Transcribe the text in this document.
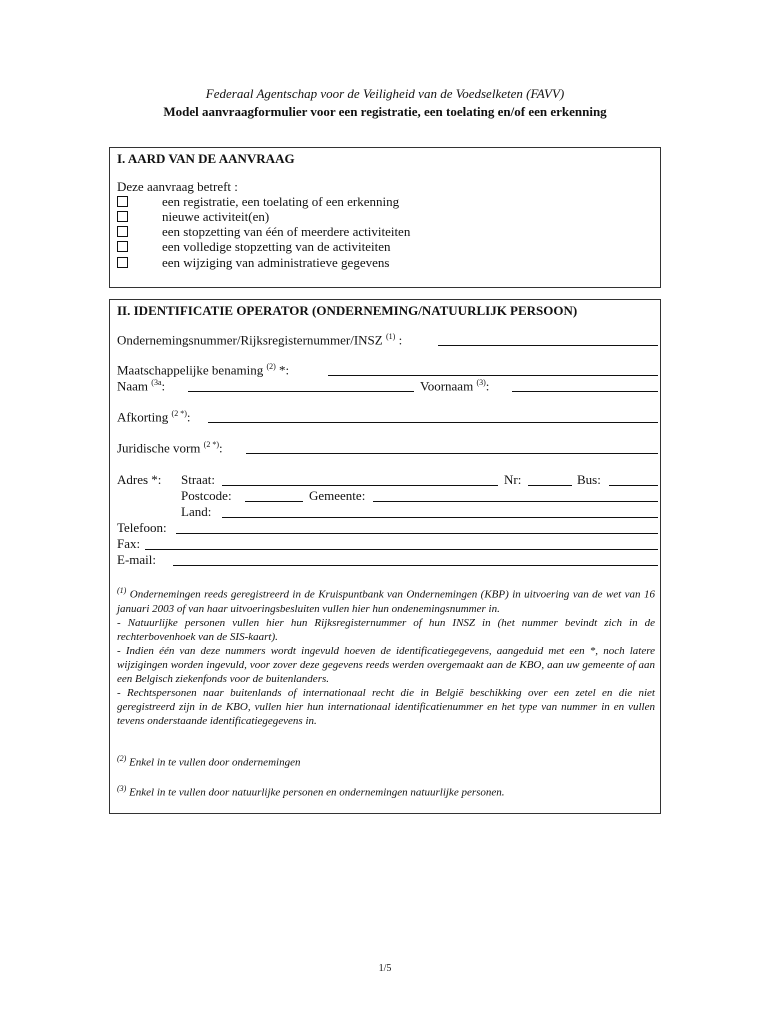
Federaal Agentschap voor de Veiligheid van de Voedselketen (FAVV)
Model aanvraagformulier voor een registratie, een toelating en/of een erkenning
I. AARD VAN DE AANVRAAG
Deze aanvraag betreft :
een registratie, een toelating of een erkenning
nieuwe activiteit(en)
een stopzetting van één of meerdere activiteiten
een volledige stopzetting van de activiteiten
een wijziging van administratieve gegevens
II. IDENTIFICATIE OPERATOR (ONDERNEMING/NATUURLIJK PERSOON)
Ondernemingsnummer/Rijksregisternummer/INSZ $^{(1)}$ :
Maatschappelijke benaming $^{(2)}$ *:
Naam $^{(3a}$:	Voornaam $^{(3)}$:
Afkorting $^{(2 *)}$:
Juridische vorm $^{(2 *)}$:
Adres *: Straat:	Nr:	Bus:
Postcode:	Gemeente:
Land:
Telefoon:
Fax:
E-mail:

$^{(1)}$ Ondernemingen reeds geregistreerd in de Kruispuntbank van Ondernemingen (KBP) in uitvoering van de wet van 16 januari 2003 of van haar uitvoeringsbesluiten vullen hier hun ondenemingsnummer in.

- Natuurlijke personen vullen hier hun Rijksregisternummer of hun INSZ in (het nummer bevindt zich in de rechterbovenhoek van de SIS-kaart).

- Indien één van deze nummers wordt ingevuld hoeven de identificatiegegevens, aangeduid met een *, noch latere wijzigingen worden ingevuld, voor zover deze gegevens reeds werden overgemaakt aan de KBO, aan uw gemeente of aan een Belgisch ziekenfonds voor de buitenlanders.

- Rechtspersonen naar buitenlands of internationaal recht die in België beschikking over een zetel en die niet geregistreerd zijn in de KBO, vullen hier hun internationaal identificatienummer en het type van nummer in en vullen tevens onderstaande identificatiegegevens in.

$^{(2)}$ Enkel in te vullen door ondernemingen

$^{(3)}$ Enkel in te vullen door natuurlijke personen en ondernemingen natuurlijke personen.

1/5
